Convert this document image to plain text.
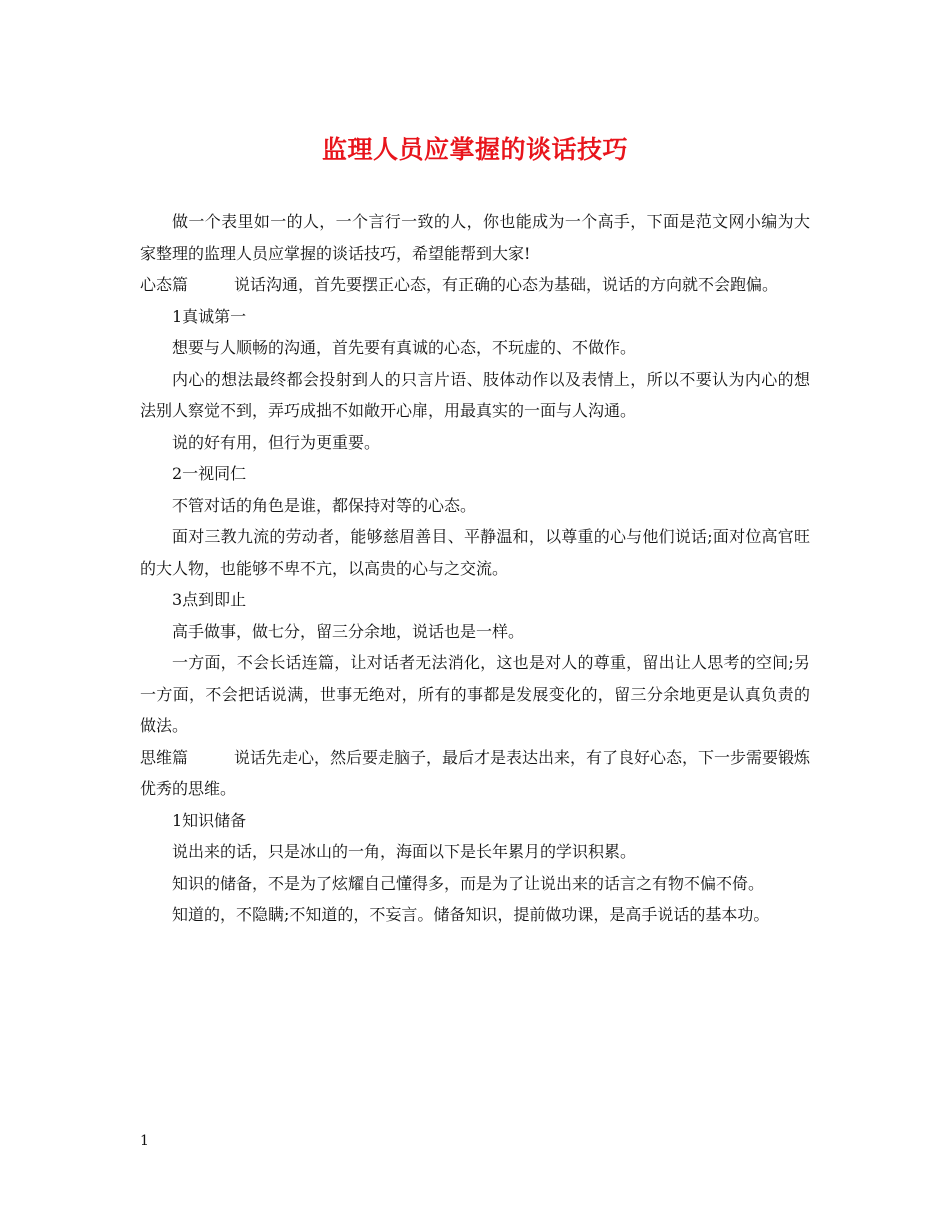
监理人员应掌握的谈话技巧

做一个表里如一的人，一个言行一致的人，你也能成为一个高手，下面是范文网小编为大家整理的监理人员应掌握的谈话技巧，希望能帮到大家!

心态篇	说话沟通，首先要摆正心态，有正确的心态为基础，说话的方向就不会跑偏。

1真诚第一

想要与人顺畅的沟通，首先要有真诚的心态，不玩虚的、不做作。

内心的想法最终都会投射到人的只言片语、肢体动作以及表情上，所以不要认为内心的想法别人察觉不到，弄巧成拙不如敞开心扉，用最真实的一面与人沟通。

说的好有用，但行为更重要。

2一视同仁

不管对话的角色是谁，都保持对等的心态。

面对三教九流的劳动者，能够慈眉善目、平静温和，以尊重的心与他们说话;面对位高官旺的大人物，也能够不卑不亢，以高贵的心与之交流。

3点到即止

高手做事，做七分，留三分余地，说话也是一样。

一方面，不会长话连篇，让对话者无法消化，这也是对人的尊重，留出让人思考的空间;另一方面，不会把话说满，世事无绝对，所有的事都是发展变化的，留三分余地更是认真负责的做法。

思维篇	说话先走心，然后要走脑子，最后才是表达出来，有了良好心态，下一步需要锻炼优秀的思维。

1知识储备

说出来的话，只是冰山的一角，海面以下是长年累月的学识积累。

知识的储备，不是为了炫耀自己懂得多，而是为了让说出来的话言之有物不偏不倚。

知道的，不隐瞒;不知道的，不妄言。储备知识，提前做功课，是高手说话的基本功。

1
